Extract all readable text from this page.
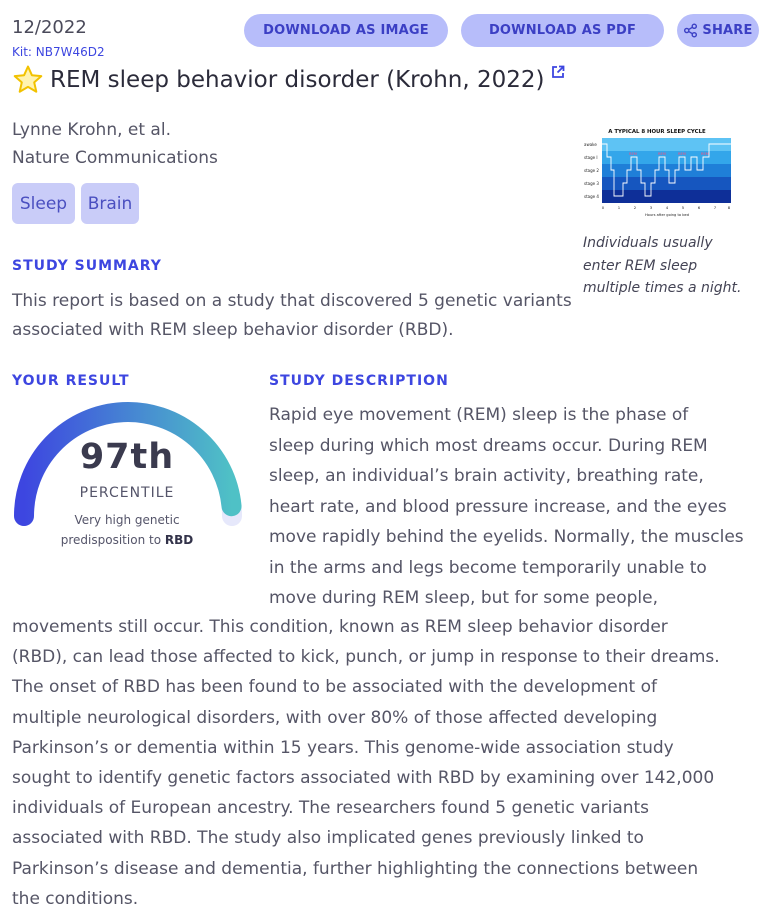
12/2022
Kit: NB7W46D2
DOWNLOAD AS IMAGE	DOWNLOAD AS PDF	SHARE
REM sleep behavior disorder (Krohn, 2022)
Lynne Krohn, et al.
Nature Communications
Sleep	Brain
A TYPICAL 8 HOUR SLEEP CYCLE
awake
stage I
stage 2
stage 3
stage 4
REM	REM	REM	REM
0	1	2	3	4	5	6	7	8
Hours after going to bed
Individuals usually enter REM sleep multiple times a night.
STUDY SUMMARY
This report is based on a study that discovered 5 genetic variants associated with REM sleep behavior disorder (RBD).
YOUR RESULT
97th
PERCENTILE
Very high genetic predisposition to RBD
STUDY DESCRIPTION
Rapid eye movement (REM) sleep is the phase of
sleep during which most dreams occur. During REM
sleep, an individual’s brain activity, breathing rate,
heart rate, and blood pressure increase, and the eyes
move rapidly behind the eyelids. Normally, the muscles
in the arms and legs become temporarily unable to
move during REM sleep, but for some people,
movements still occur. This condition, known as REM sleep behavior disorder
(RBD), can lead those affected to kick, punch, or jump in response to their dreams.
The onset of RBD has been found to be associated with the development of
multiple neurological disorders, with over 80% of those affected developing
Parkinson’s or dementia within 15 years. This genome-wide association study
sought to identify genetic factors associated with RBD by examining over 142,000
individuals of European ancestry. The researchers found 5 genetic variants
associated with RBD. The study also implicated genes previously linked to
Parkinson’s disease and dementia, further highlighting the connections between
the conditions.
